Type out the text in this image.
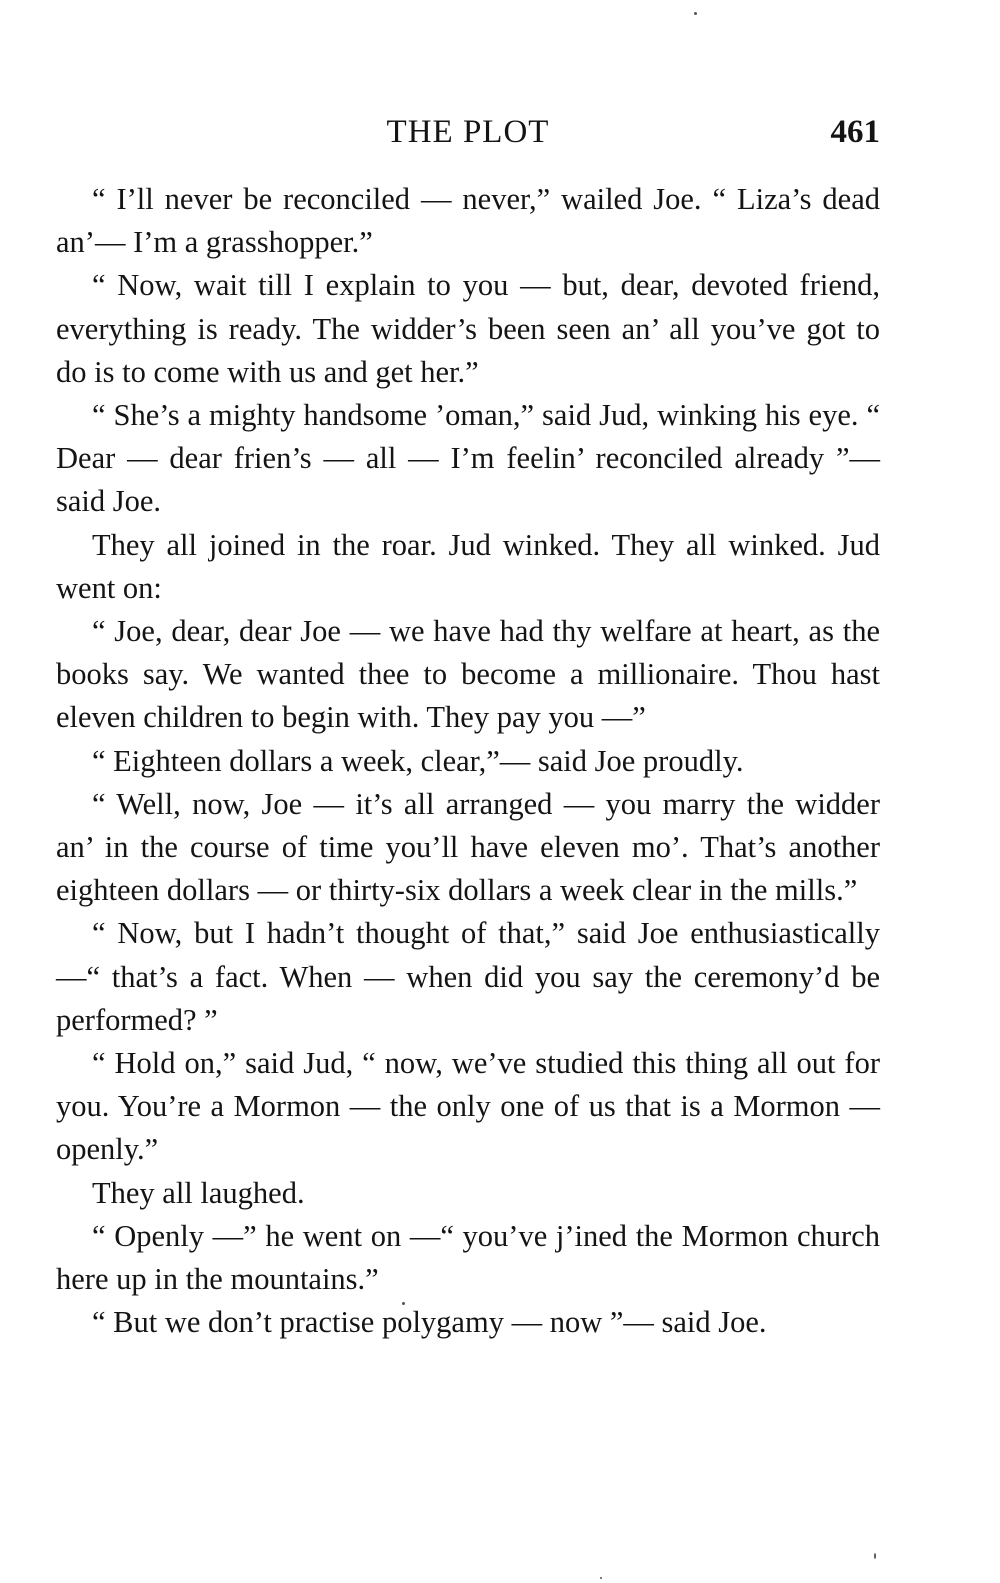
THE PLOT	461

“ I’ll never be reconciled — never,” wailed Joe. “ Liza’s dead an’— I’m a grasshopper.”

“ Now, wait till I explain to you — but, dear, devoted friend, everything is ready. The widder’s been seen an’ all you’ve got to do is to come with us and get her.”

“ She’s a mighty handsome ’oman,” said Jud, winking his eye. “ Dear — dear frien’s — all — I’m feelin’ reconciled already ”— said Joe.

They all joined in the roar. Jud winked. They all winked. Jud went on:

“ Joe, dear, dear Joe — we have had thy welfare at heart, as the books say. We wanted thee to become a millionaire. Thou hast eleven children to begin with. They pay you —”

“ Eighteen dollars a week, clear,”— said Joe proudly.

“ Well, now, Joe — it’s all arranged — you marry the widder an’ in the course of time you’ll have eleven mo’. That’s another eighteen dollars — or thirty-six dollars a week clear in the mills.”

“ Now, but I hadn’t thought of that,” said Joe enthusiastically —“ that’s a fact. When — when did you say the ceremony’d be performed? ”

“ Hold on,” said Jud, “ now, we’ve studied this thing all out for you. You’re a Mormon — the only one of us that is a Mormon — openly.”

They all laughed.

“ Openly —” he went on —“ you’ve j’ined the Mormon church here up in the mountains.”

“ But we don’t practise polygamy — now ”— said Joe.
